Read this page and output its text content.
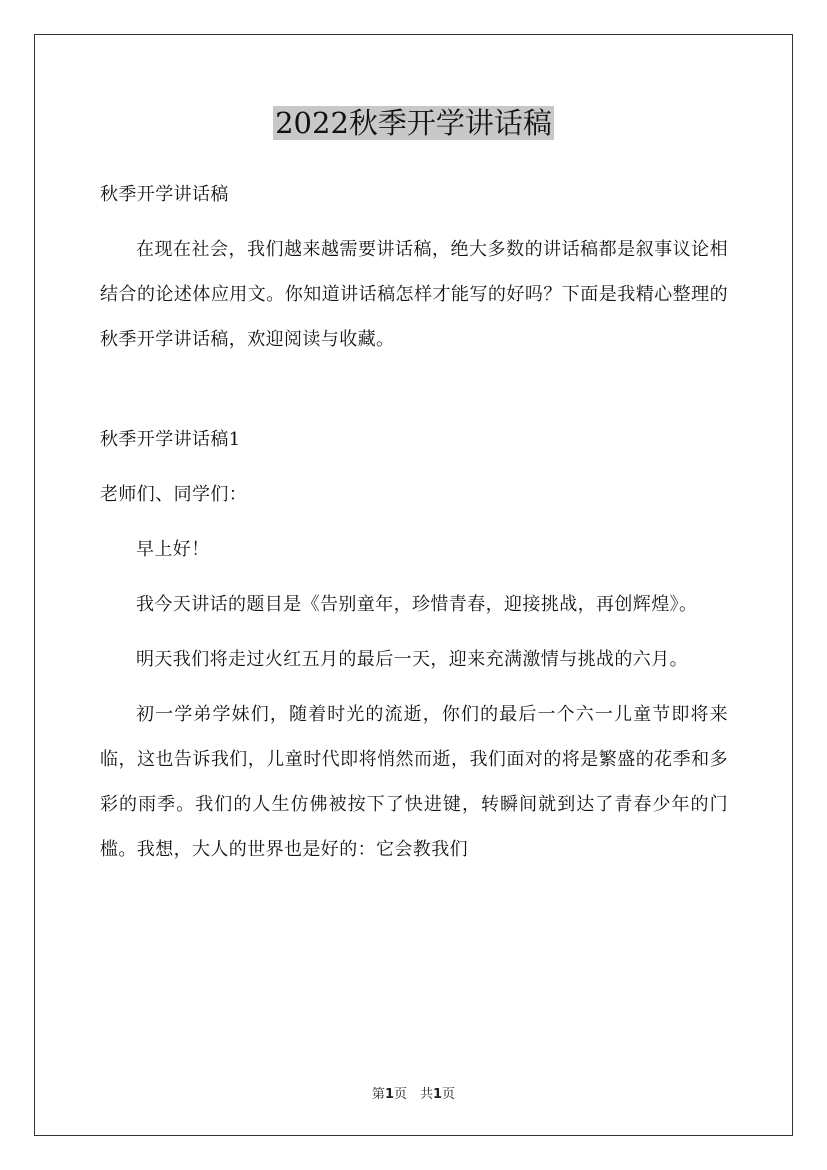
2022秋季开学讲话稿

秋季开学讲话稿

在现在社会，我们越来越需要讲话稿，绝大多数的讲话稿都是叙事议论相结合的论述体应用文。你知道讲话稿怎样才能写的好吗？下面是我精心整理的秋季开学讲话稿，欢迎阅读与收藏。

秋季开学讲话稿1

老师们、同学们：

早上好！

我今天讲话的题目是《告别童年，珍惜青春，迎接挑战，再创辉煌》。

明天我们将走过火红五月的最后一天，迎来充满激情与挑战的六月。

初一学弟学妹们，随着时光的流逝，你们的最后一个六一儿童节即将来临，这也告诉我们，儿童时代即将悄然而逝，我们面对的将是繁盛的花季和多彩的雨季。我们的人生仿佛被按下了快进键，转瞬间就到达了青春少年的门槛。我想，大人的世界也是好的：它会教我们

第1页　共1页
